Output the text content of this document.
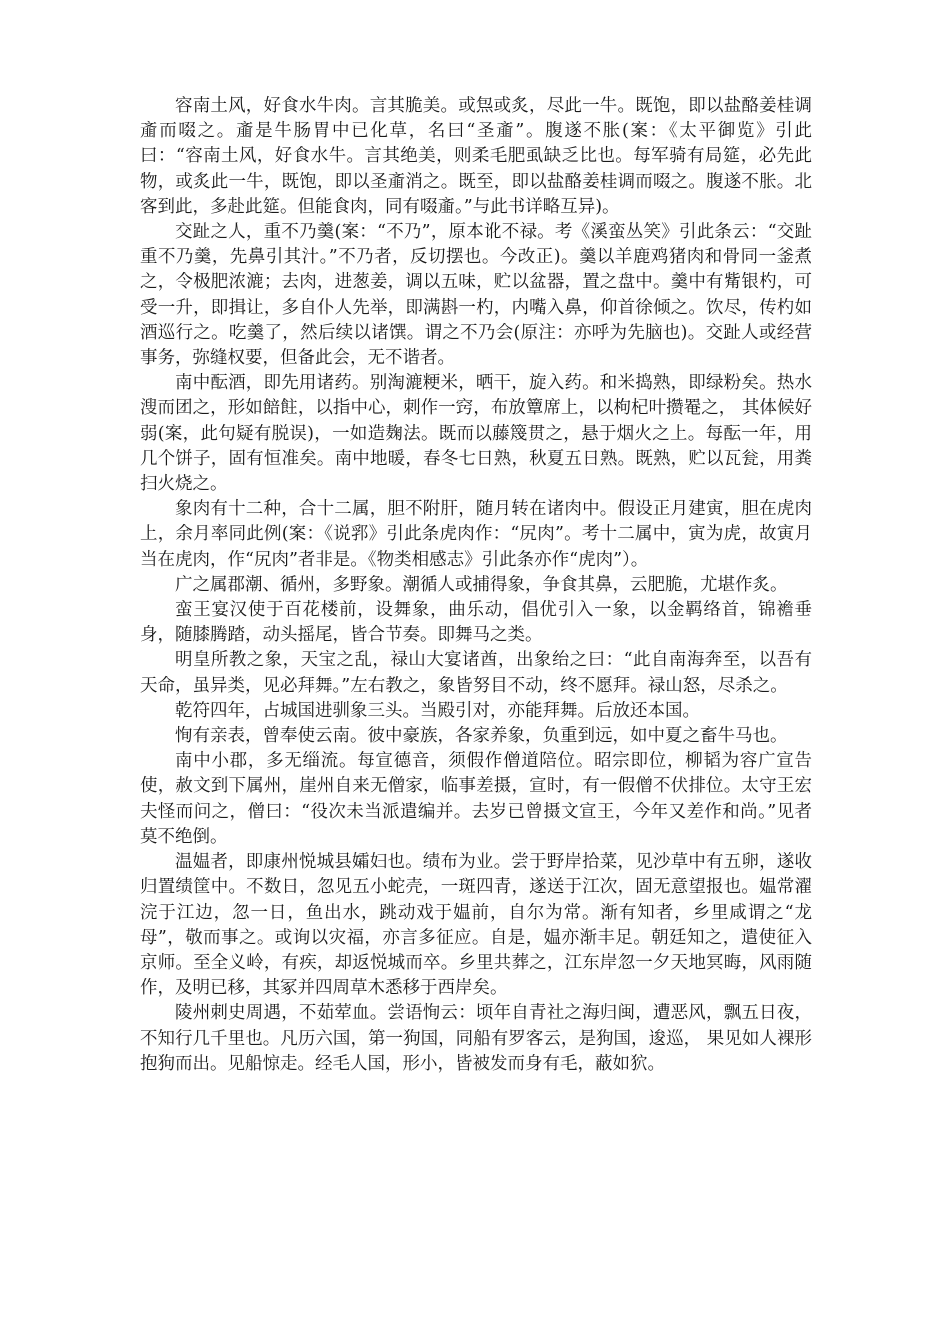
容南土风，好食水牛肉。言其脆美。或炰或炙，尽此一牛。既饱，即以盐酪姜桂调齑而啜之。齑是牛肠胃中已化草，名曰“圣齑”。腹遂不胀(案：《太平御览》引此曰：“容南土风，好食水牛。言其绝美，则柔毛肥虱缺乏比也。每军骑有局筵，必先此物，或炙此一牛，既饱，即以圣齑消之。既至，即以盐酪姜桂调而啜之。腹遂不胀。北客到此，多赴此筵。但能食肉，同有啜齑。”与此书详略互异)。

交趾之人，重不乃羹(案：“不乃”，原本讹不禄。考《溪蛮丛笑》引此条云：“交趾重不乃羹，先鼻引其汁。”不乃者，反切摆也。今改正)。羹以羊鹿鸡猪肉和骨同一釜煮之，令极肥浓漉；去肉，进葱姜，调以五味，贮以盆器，置之盘中。羹中有觜银杓，可受一升，即揖让，多自仆人先举，即满斟一杓，内嘴入鼻，仰首徐倾之。饮尽，传杓如酒巡行之。吃羹了，然后续以诸馔。谓之不乃会(原注：亦呼为先脑也)。交趾人或经营事务，弥缝权要，但备此会，无不谐者。

南中酝酒，即先用诸药。别淘漉粳米，晒干，旋入药。和米捣熟，即绿粉矣。热水溲而团之，形如餢飳，以指中心，刺作一窍，布放簟席上，以枸杞叶攒罨之， 其体候好弱(案，此句疑有脱误)，一如造麹法。既而以藤篾贯之，悬于烟火之上。每酝一年，用几个饼子，固有恒准矣。南中地暖，春冬七日熟，秋夏五日熟。既熟，贮以瓦瓮，用粪扫火烧之。

象肉有十二种，合十二属，胆不附肝，随月转在诸肉中。假设正月建寅，胆在虎肉上，余月率同此例(案：《说郛》引此条虎肉作：“尻肉”。考十二属中，寅为虎，故寅月当在虎肉，作“尻肉”者非是。《物类相感志》引此条亦作“虎肉”）。

广之属郡潮、循州，多野象。潮循人或捕得象，争食其鼻，云肥脆，尤堪作炙。

蛮王宴汉使于百花楼前，设舞象，曲乐动，倡优引入一象，以金羁络首，锦襜垂身，随膝腾踏，动头摇尾，皆合节奏。即舞马之类。

明皇所教之象，天宝之乱，禄山大宴诸酋，出象绐之曰：“此自南海奔至，以吾有天命，虽异类，见必拜舞。”左右教之，象皆努目不动，终不愿拜。禄山怒，尽杀之。

乾符四年，占城国进驯象三头。当殿引对，亦能拜舞。后放还本国。

恂有亲表，曾奉使云南。彼中豪族，各家养象，负重到远，如中夏之畜牛马也。

南中小郡，多无缁流。每宣德音，须假作僧道陪位。昭宗即位，柳韬为容广宣告使，赦文到下属州，崖州自来无僧家，临事差摄，宣时，有一假僧不伏排位。太守王宏夫怪而问之，僧曰：“役次未当派遣编并。去岁已曾摄文宣王，今年又差作和尚。”见者莫不绝倒。

温媪者，即康州悦城县孀妇也。绩布为业。尝于野岸拾菜，见沙草中有五卵，遂收归置绩筐中。不数日，忽见五小蛇壳，一斑四青，遂送于江次，固无意望报也。媪常濯浣于江边，忽一日，鱼出水，跳动戏于媪前，自尔为常。渐有知者，乡里咸谓之“龙母”，敬而事之。或询以灾福，亦言多征应。自是，媪亦渐丰足。朝廷知之，遣使征入京师。至全义岭，有疾，却返悦城而卒。乡里共葬之，江东岸忽一夕天地冥晦，风雨随作，及明已移，其冢并四周草木悉移于西岸矣。

陵州刺史周遇，不茹荤血。尝语恂云：顷年自青社之海归闽，遭恶风，飘五日夜，不知行几千里也。凡历六国，第一狗国，同船有罗客云，是狗国，逡巡， 果见如人裸形抱狗而出。见船惊走。经毛人国，形小，皆被发而身有毛，蔽如狖。
